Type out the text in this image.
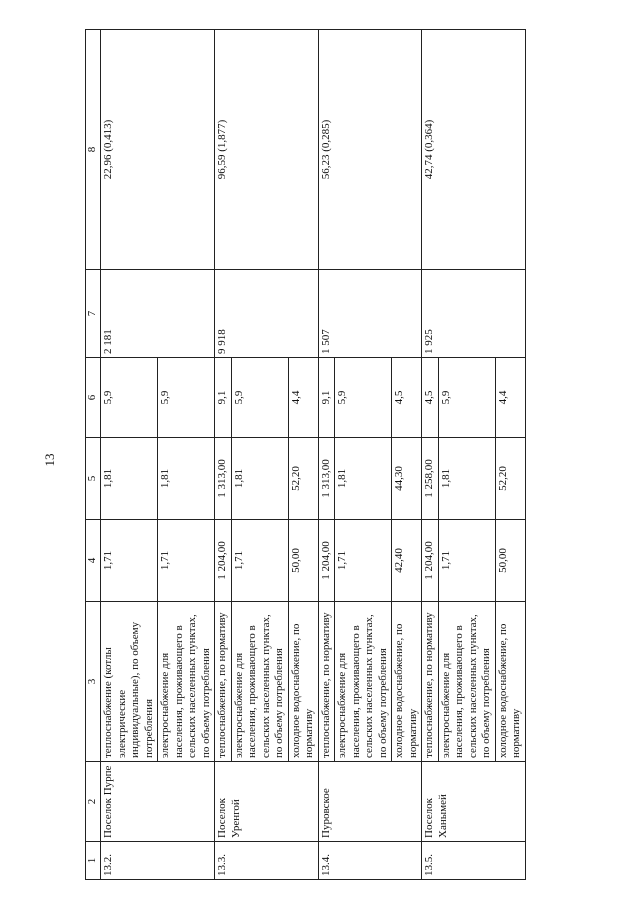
13
1	2	3	4	5	6	7	8
13.2.	Поселок Пурпе	теплоснабжение (котлы электрические индивидуальные), по объему потребления	1,71	1,81	5,9	2 181	22,96 (0,413)
		электроснабжение для населения, проживающего в сельских населенных пунктах, по объему потребления	1,71	1,81	5,9		
13.3.	Поселок Уренгой	теплоснабжение, по нормативу	1 204,00	1 313,00	9,1	9 918	96,59 (1,877)
		электроснабжение для населения, проживающего в сельских населенных пунктах, по объему потребления	1,71	1,81	5,9		
		холодное водоснабжение, по нормативу	50,00	52,20	4,4		
13.4.	Пуровское	теплоснабжение, по нормативу	1 204,00	1 313,00	9,1	1 507	56,23 (0,285)
		электроснабжение для населения, проживающего в сельских населенных пунктах, по объему потребления	1,71	1,81	5,9		
		холодное водоснабжение, по нормативу	42,40	44,30	4,5		
13.5.	Поселок Ханымей	теплоснабжение, по нормативу	1 204,00	1 258,00	4,5	1 925	42,74 (0,364)
		электроснабжение для населения, проживающего в сельских населенных пунктах, по объему потребления	1,71	1,81	5,9		
		холодное водоснабжение, по нормативу	50,00	52,20	4,4		
